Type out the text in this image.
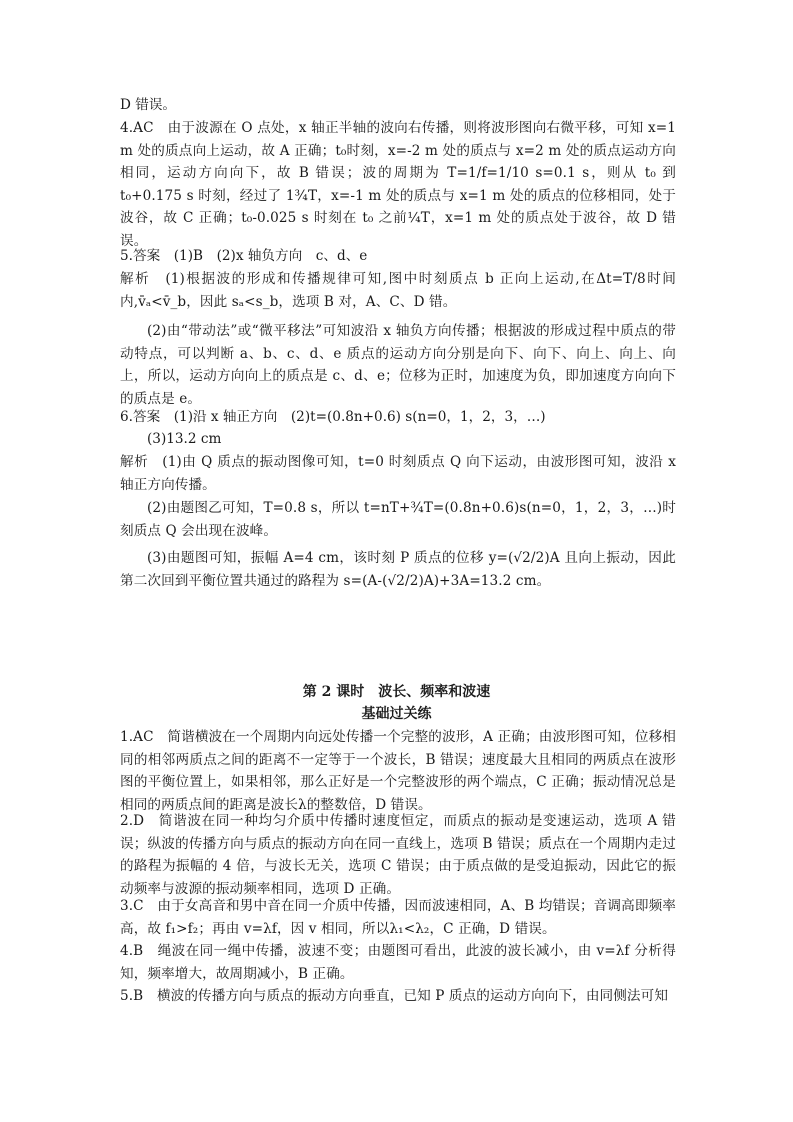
D 错误。

4.AC　由于波源在 O 点处，x 轴正半轴的波向右传播，则将波形图向右微平移，可知 x=1 m 处的质点向上运动，故 A 正确；t₀时刻，x=-2 m 处的质点与 x=2 m 处的质点运动方向相同，运动方向向下，故 B 错误；波的周期为 T=1/f=1/10 s=0.1 s，则从 t₀ 到 t₀+0.175 s 时刻，经过了 1¾T，x=-1 m 处的质点与 x=1 m 处的质点的位移相同，处于波谷，故 C 正确；t₀-0.025 s 时刻在 t₀ 之前¼T，x=1 m 处的质点处于波谷，故 D 错误。

5.答案　(1)B　(2)x 轴负方向　c、d、e

解析　(1)根据波的形成和传播规律可知,图中时刻质点 b 正向上运动,在Δt=T/8时间内,v̄ₐ<v̄_b，因此 sₐ<s_b，选项 B 对，A、C、D 错。

(2)由“带动法”或“微平移法”可知波沿 x 轴负方向传播；根据波的形成过程中质点的带动特点，可以判断 a、b、c、d、e 质点的运动方向分别是向下、向下、向上、向上、向上，所以，运动方向向上的质点是 c、d、e；位移为正时，加速度为负，即加速度方向向下的质点是 e。

6.答案　(1)沿 x 轴正方向　(2)t=(0.8n+0.6) s(n=0，1，2，3，…)

(3)13.2 cm

解析　(1)由 Q 质点的振动图像可知，t=0 时刻质点 Q 向下运动，由波形图可知，波沿 x 轴正方向传播。

(2)由题图乙可知，T=0.8 s，所以 t=nT+¾T=(0.8n+0.6)s(n=0，1，2，3，…)时刻质点 Q 会出现在波峰。

(3)由题图可知，振幅 A=4 cm，该时刻 P 质点的位移 y=(√2/2)A 且向上振动，因此第二次回到平衡位置共通过的路程为 s=(A-(√2/2)A)+3A=13.2 cm。

第 2 课时　波长、频率和波速
基础过关练

1.AC　简谐横波在一个周期内向远处传播一个完整的波形，A 正确；由波形图可知，位移相同的相邻两质点之间的距离不一定等于一个波长，B 错误；速度最大且相同的两质点在波形图的平衡位置上，如果相邻，那么正好是一个完整波形的两个端点，C 正确；振动情况总是相同的两质点间的距离是波长λ的整数倍，D 错误。

2.D　简谐波在同一种均匀介质中传播时速度恒定，而质点的振动是变速运动，选项 A 错误；纵波的传播方向与质点的振动方向在同一直线上，选项 B 错误；质点在一个周期内走过的路程为振幅的 4 倍，与波长无关，选项 C 错误；由于质点做的是受迫振动，因此它的振动频率与波源的振动频率相同，选项 D 正确。

3.C　由于女高音和男中音在同一介质中传播，因而波速相同，A、B 均错误；音调高即频率高，故 f₁>f₂；再由 v=λf，因 v 相同，所以λ₁<λ₂，C 正确，D 错误。

4.B　绳波在同一绳中传播，波速不变；由题图可看出，此波的波长减小，由 v=λf 分析得知，频率增大，故周期减小，B 正确。

5.B　横波的传播方向与质点的振动方向垂直，已知 P 质点的运动方向向下，由同侧法可知
